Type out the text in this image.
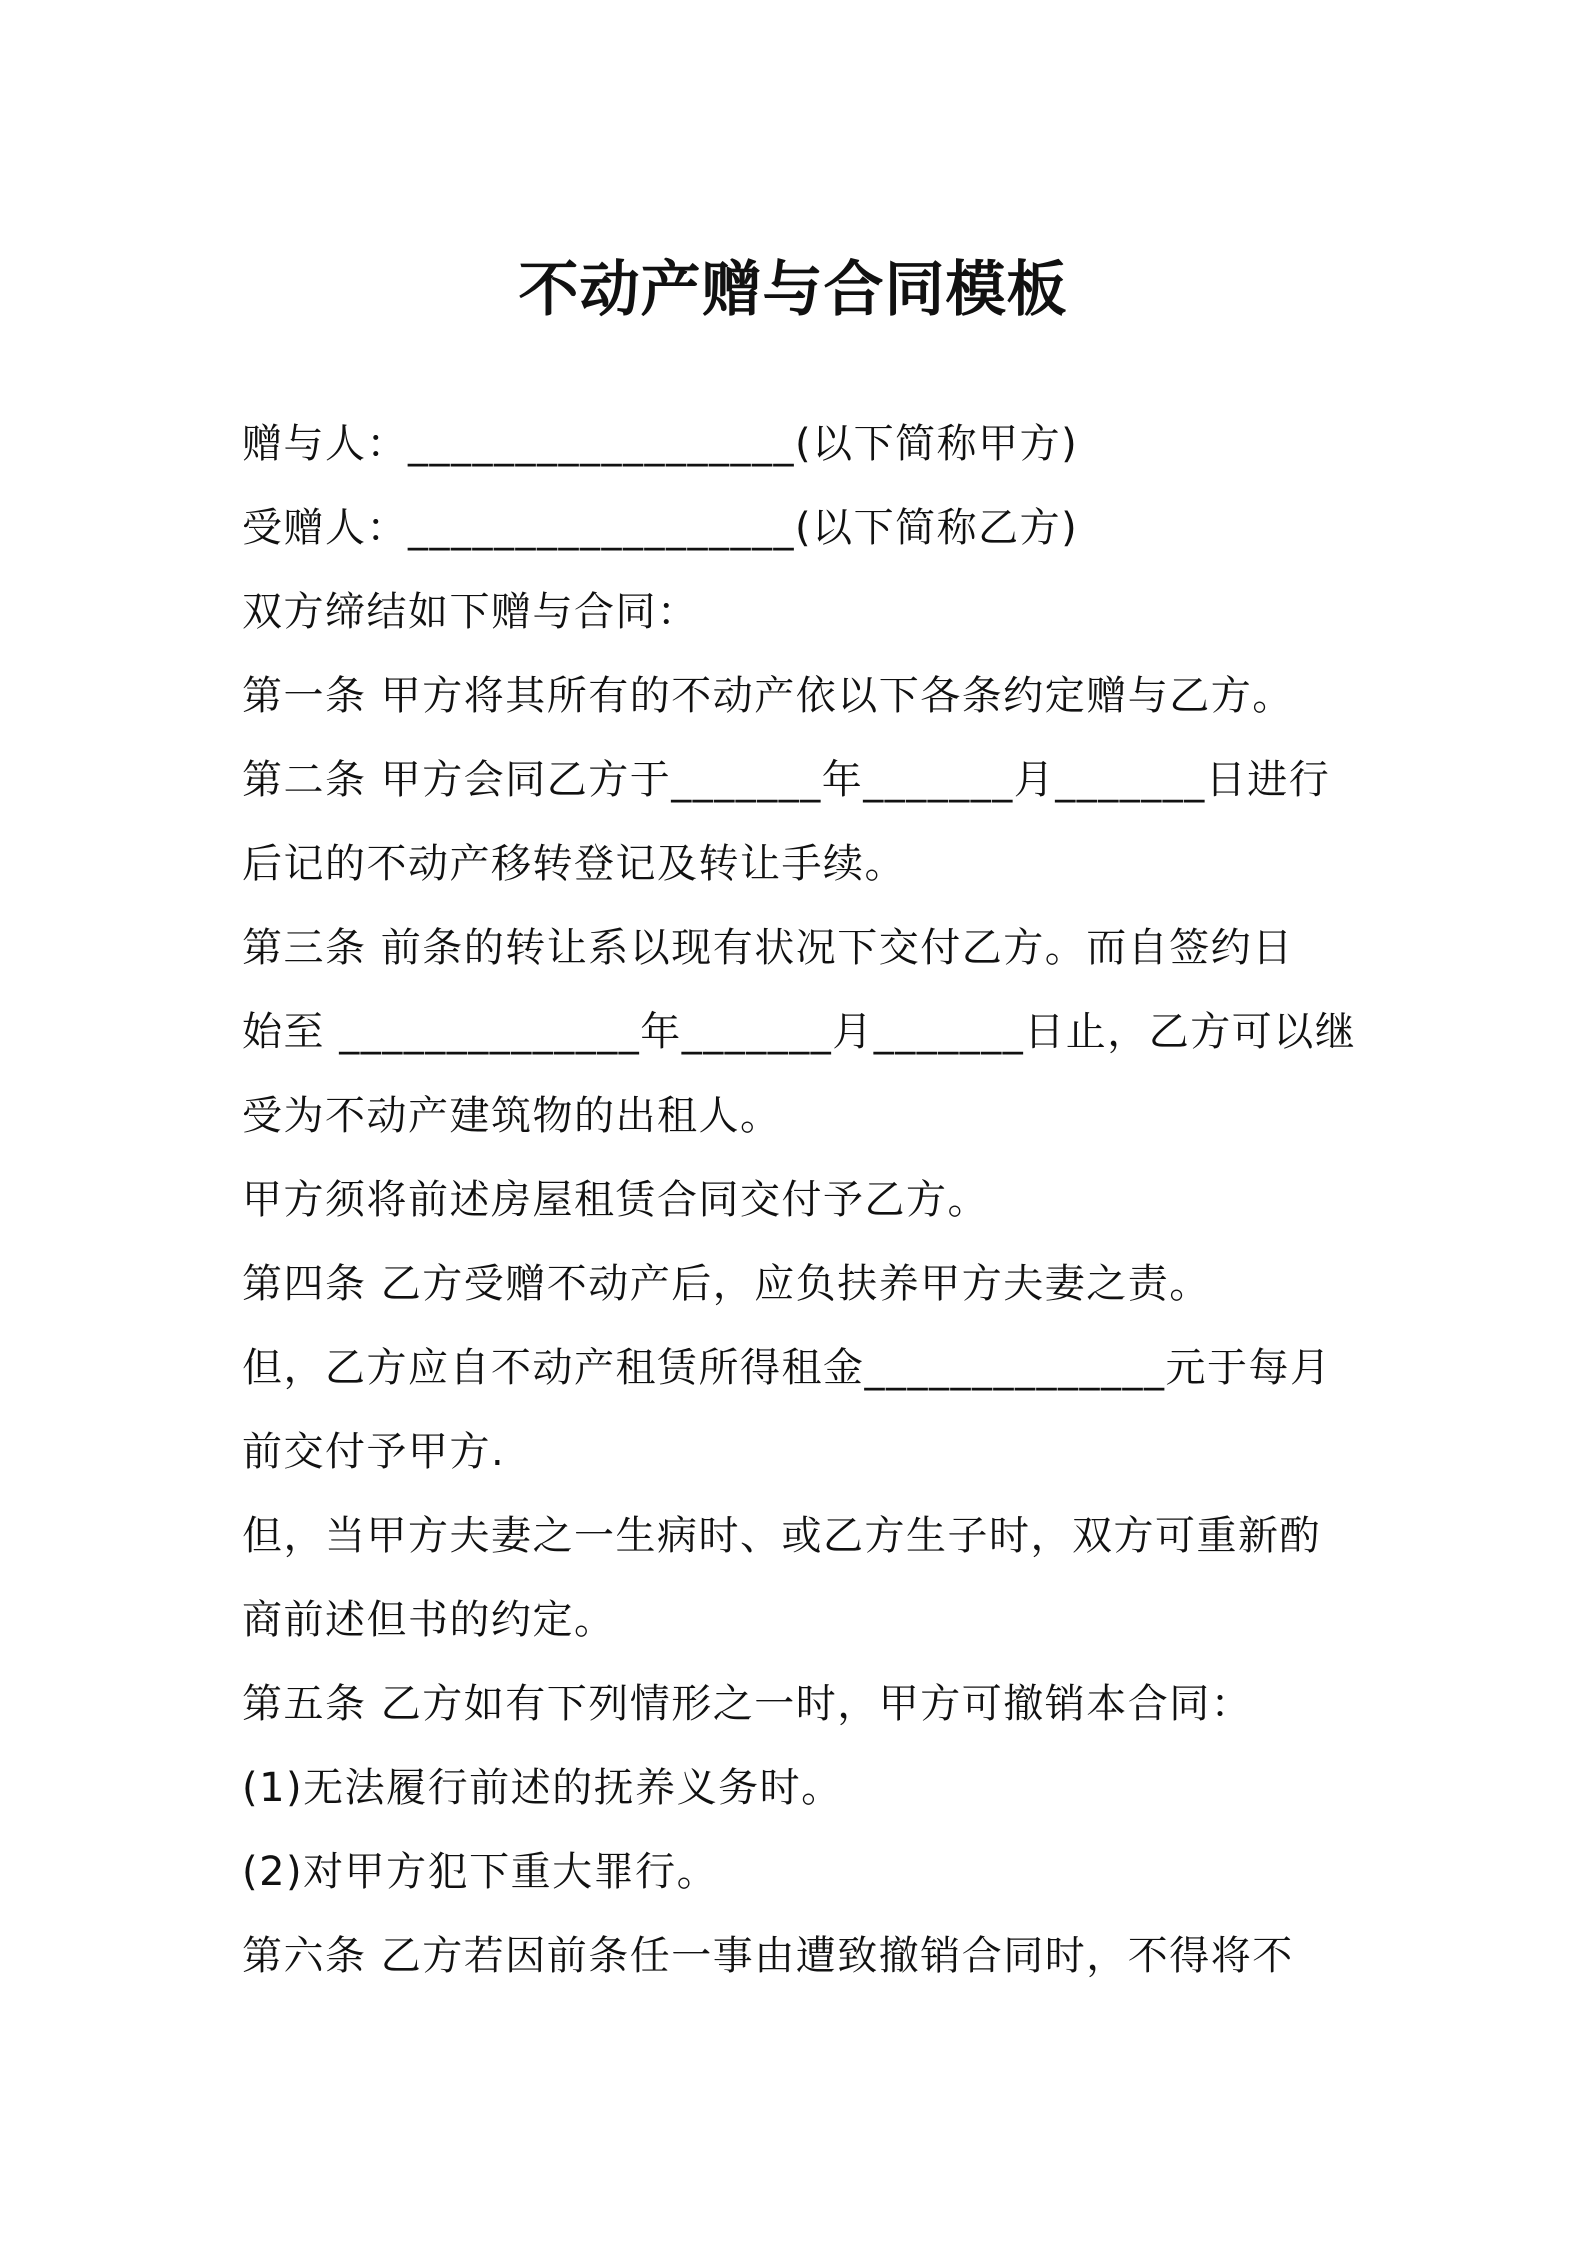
不动产赠与合同模板
赠与人：__________________(以下简称甲方)
受赠人：__________________(以下简称乙方)
双方缔结如下赠与合同：
第一条 甲方将其所有的不动产依以下各条约定赠与乙方。
第二条 甲方会同乙方于_______年_______月_______日进行
后记的不动产移转登记及转让手续。
第三条 前条的转让系以现有状况下交付乙方。而自签约日
始至 ______________年_______月_______日止，乙方可以继
受为不动产建筑物的出租人。
甲方须将前述房屋租赁合同交付予乙方。
第四条 乙方受赠不动产后，应负扶养甲方夫妻之责。
但，乙方应自不动产租赁所得租金______________元于每月
前交付予甲方.
但，当甲方夫妻之一生病时、或乙方生子时，双方可重新酌
商前述但书的约定。
第五条 乙方如有下列情形之一时，甲方可撤销本合同：
(1)无法履行前述的抚养义务时。
(2)对甲方犯下重大罪行。
第六条 乙方若因前条任一事由遭致撤销合同时，不得将不
